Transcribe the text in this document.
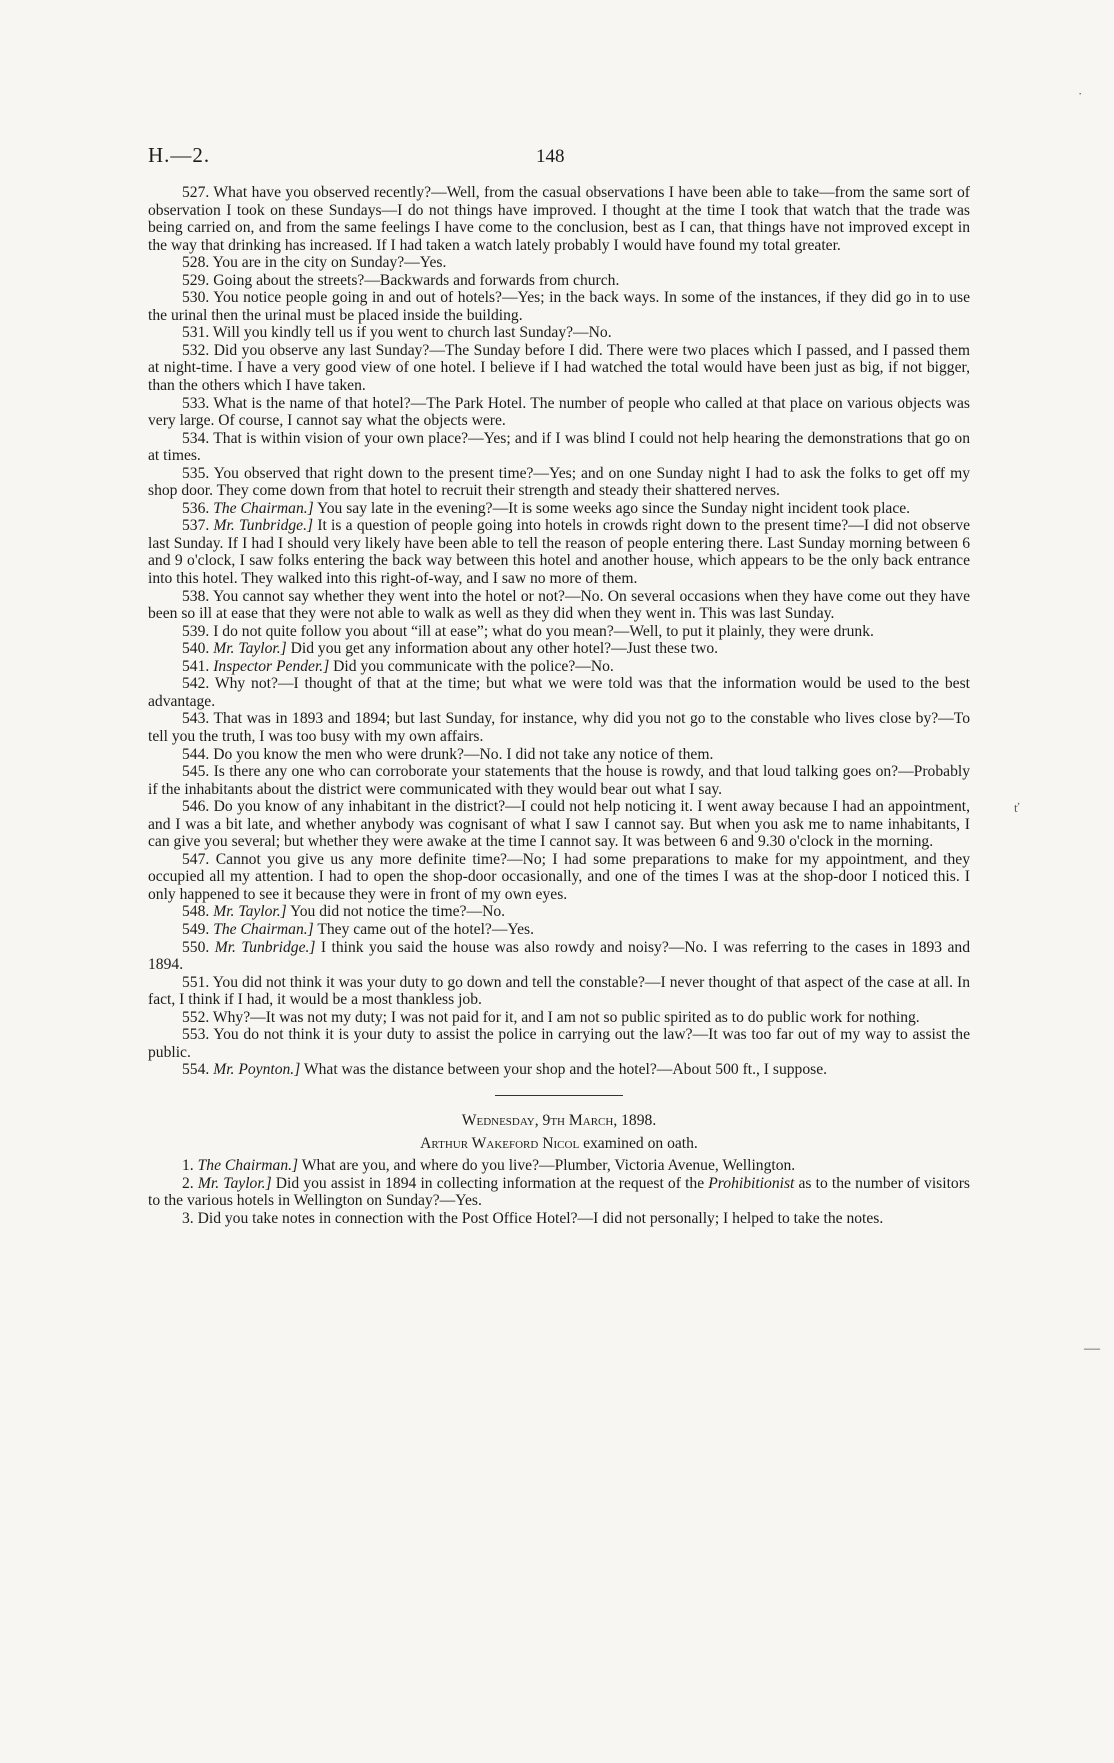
H.—2.	148

527. What have you observed recently?—Well, from the casual observations I have been able to take—from the same sort of observation I took on these Sundays—I do not things have improved. I thought at the time I took that watch that the trade was being carried on, and from the same feelings I have come to the conclusion, best as I can, that things have not improved except in the way that drinking has increased. If I had taken a watch lately probably I would have found my total greater.

528. You are in the city on Sunday?—Yes.

529. Going about the streets?—Backwards and forwards from church.

530. You notice people going in and out of hotels?—Yes; in the back ways. In some of the instances, if they did go in to use the urinal then the urinal must be placed inside the building.

531. Will you kindly tell us if you went to church last Sunday?—No.

532. Did you observe any last Sunday?—The Sunday before I did. There were two places which I passed, and I passed them at night-time. I have a very good view of one hotel. I believe if I had watched the total would have been just as big, if not bigger, than the others which I have taken.

533. What is the name of that hotel?—The Park Hotel. The number of people who called at that place on various objects was very large. Of course, I cannot say what the objects were.

534. That is within vision of your own place?—Yes; and if I was blind I could not help hearing the demonstrations that go on at times.

535. You observed that right down to the present time?—Yes; and on one Sunday night I had to ask the folks to get off my shop door. They come down from that hotel to recruit their strength and steady their shattered nerves.

536. The Chairman.] You say late in the evening?—It is some weeks ago since the Sunday night incident took place.

537. Mr. Tunbridge.] It is a question of people going into hotels in crowds right down to the present time?—I did not observe last Sunday. If I had I should very likely have been able to tell the reason of people entering there. Last Sunday morning between 6 and 9 o'clock, I saw folks entering the back way between this hotel and another house, which appears to be the only back entrance into this hotel. They walked into this right-of-way, and I saw no more of them.

538. You cannot say whether they went into the hotel or not?—No. On several occasions when they have come out they have been so ill at ease that they were not able to walk as well as they did when they went in. This was last Sunday.

539. I do not quite follow you about “ill at ease”; what do you mean?—Well, to put it plainly, they were drunk.

540. Mr. Taylor.] Did you get any information about any other hotel?—Just these two.

541. Inspector Pender.] Did you communicate with the police?—No.

542. Why not?—I thought of that at the time; but what we were told was that the information would be used to the best advantage.

543. That was in 1893 and 1894; but last Sunday, for instance, why did you not go to the constable who lives close by?—To tell you the truth, I was too busy with my own affairs.

544. Do you know the men who were drunk?—No. I did not take any notice of them.

545. Is there any one who can corroborate your statements that the house is rowdy, and that loud talking goes on?—Probably if the inhabitants about the district were communicated with they would bear out what I say.

546. Do you know of any inhabitant in the district?—I could not help noticing it. I went away because I had an appointment, and I was a bit late, and whether anybody was cognisant of what I saw I cannot say. But when you ask me to name inhabitants, I can give you several; but whether they were awake at the time I cannot say. It was between 6 and 9.30 o'clock in the morning.

547. Cannot you give us any more definite time?—No; I had some preparations to make for my appointment, and they occupied all my attention. I had to open the shop-door occasionally, and one of the times I was at the shop-door I noticed this. I only happened to see it because they were in front of my own eyes.

548. Mr. Taylor.] You did not notice the time?—No.

549. The Chairman.] They came out of the hotel?—Yes.

550. Mr. Tunbridge.] I think you said the house was also rowdy and noisy?—No. I was referring to the cases in 1893 and 1894.

551. You did not think it was your duty to go down and tell the constable?—I never thought of that aspect of the case at all. In fact, I think if I had, it would be a most thankless job.

552. Why?—It was not my duty; I was not paid for it, and I am not so public spirited as to do public work for nothing.

553. You do not think it is your duty to assist the police in carrying out the law?—It was too far out of my way to assist the public.

554. Mr. Poynton.] What was the distance between your shop and the hotel?—About 500 ft., I suppose.

Wednesday, 9th March, 1898.

Arthur Wakeford Nicol examined on oath.

1. The Chairman.] What are you, and where do you live?—Plumber, Victoria Avenue, Wellington.

2. Mr. Taylor.] Did you assist in 1894 in collecting information at the request of the Prohibitionist as to the number of visitors to the various hotels in Wellington on Sunday?—Yes.

3. Did you take notes in connection with the Post Office Hotel?—I did not personally; I helped to take the notes.

·
ť
—
